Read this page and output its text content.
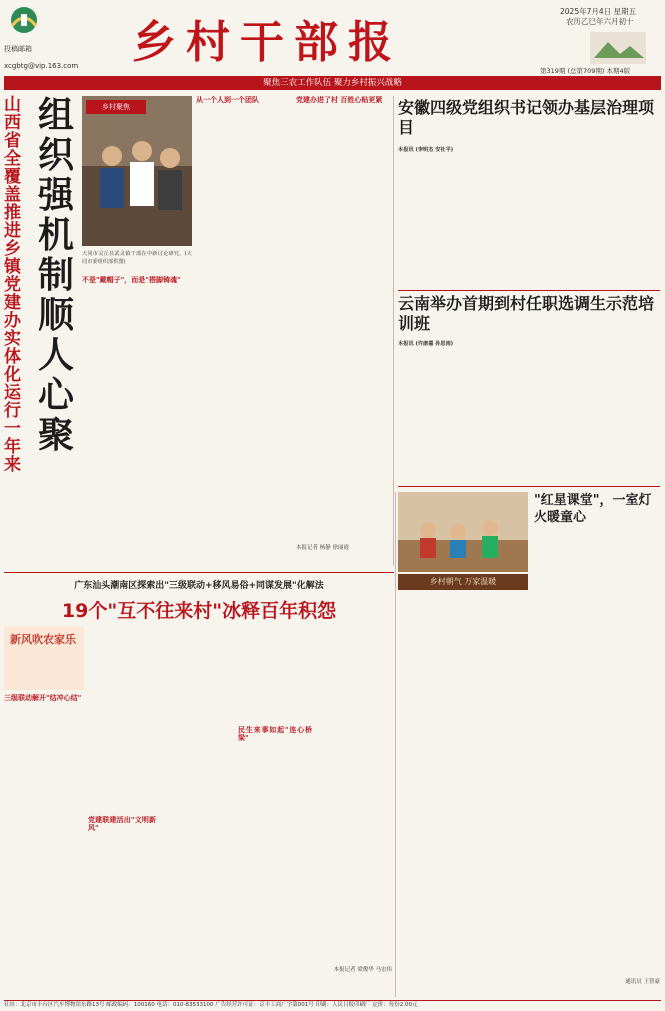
投稿邮箱
xcgbtg@vip.163.com 乡村干部报
2025年7月4日 星期五
农历乙巳年六月初十
第319期 (总第709期) 本期4版
聚焦三农工作队伍 聚力乡村振兴战略
山西省全覆盖推进乡镇党建办实体化运行一年来
组织强 机制顺 人心聚
乡村聚焦
大同市灵丘县武灵镇干部在中新讨论研究。(大同市委组织部供图)
从一个人到一个团队
不是"戴帽子"，而是"搭脚铸魂"
党建办进了村 百姓心贴更紧
本报记者 杨静 徐丽霞
安徽四级党组织书记领办基层治理项目
本报讯 (李明杰 安社平)
云南举办首期到村任职选调生示范培训班
本报讯 (许康嘉 孙思雨)
乡村朝气 万家温暖
"红星课堂"，一室灯火暖童心
通讯员 王智豪
广东汕头潮南区探索出"三级联动+移风易俗+同谋发展"化解法
19个"互不往来村"冰释百年积怨
新风吹农家乐
三级联动解开"结冲心结"
党建联建活出"文明新风"
民生来事如起"连心桥梁"
本报记者 梁俊华 马宏伟
社址：北京市丰台区汽车博物馆东路13号 邮政编码：100160 电话：010-83533100 广告经营许可证：京丰工商广字第001号 印刷：人民日报印刷厂 定价：每份2.00元
